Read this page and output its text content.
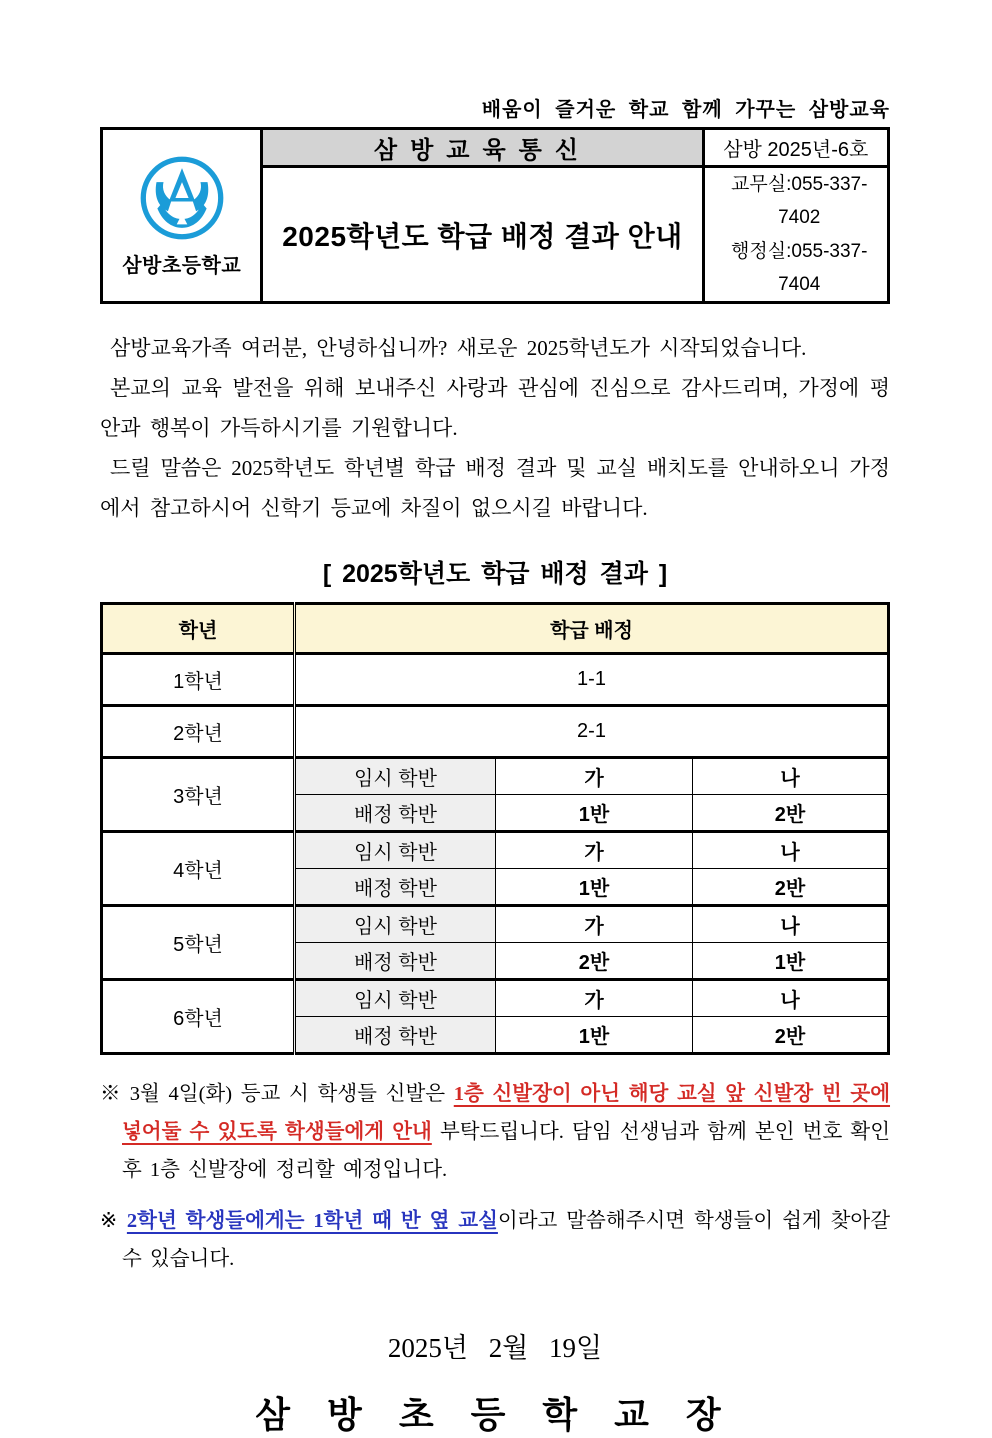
배움이 즐거운 학교 함께 가꾸는 삼방교육
삼방초등학교	삼방교육통신	삼방 2025년-6호
	2025학년도 학급 배정 결과 안내	교무실:055-337-7402
행정실:055-337-7404

삼방교육가족 여러분, 안녕하십니까? 새로운 2025학년도가 시작되었습니다.

본교의 교육 발전을 위해 보내주신 사랑과 관심에 진심으로 감사드리며, 가정에 평안과 행복이 가득하시기를 기원합니다.

드릴 말씀은 2025학년도 학년별 학급 배정 결과 및 교실 배치도를 안내하오니 가정에서 참고하시어 신학기 등교에 차질이 없으시길 바랍니다.

[ 2025학년도 학급 배정 결과 ]
학년	학급 배정		
1학년	1-1		
2학년	2-1		
3학년	임시 학반	가	나
	배정 학반	1반	2반
4학년	임시 학반	가	나
	배정 학반	1반	2반
5학년	임시 학반	가	나
	배정 학반	2반	1반
6학년	임시 학반	가	나
	배정 학반	1반	2반
※ 3월 4일(화) 등교 시 학생들 신발은 1층 신발장이 아닌 해당 교실 앞 신발장 빈 곳에 넣어둘 수 있도록 학생들에게 안내 부탁드립니다. 담임 선생님과 함께 본인 번호 확인 후 1층 신발장에 정리할 예정입니다.
※ 2학년 학생들에게는 1학년 때 반 옆 교실이라고 말씀해주시면 학생들이 쉽게 찾아갈 수 있습니다.
2025년 2월 19일
삼 방 초 등 학 교 장
